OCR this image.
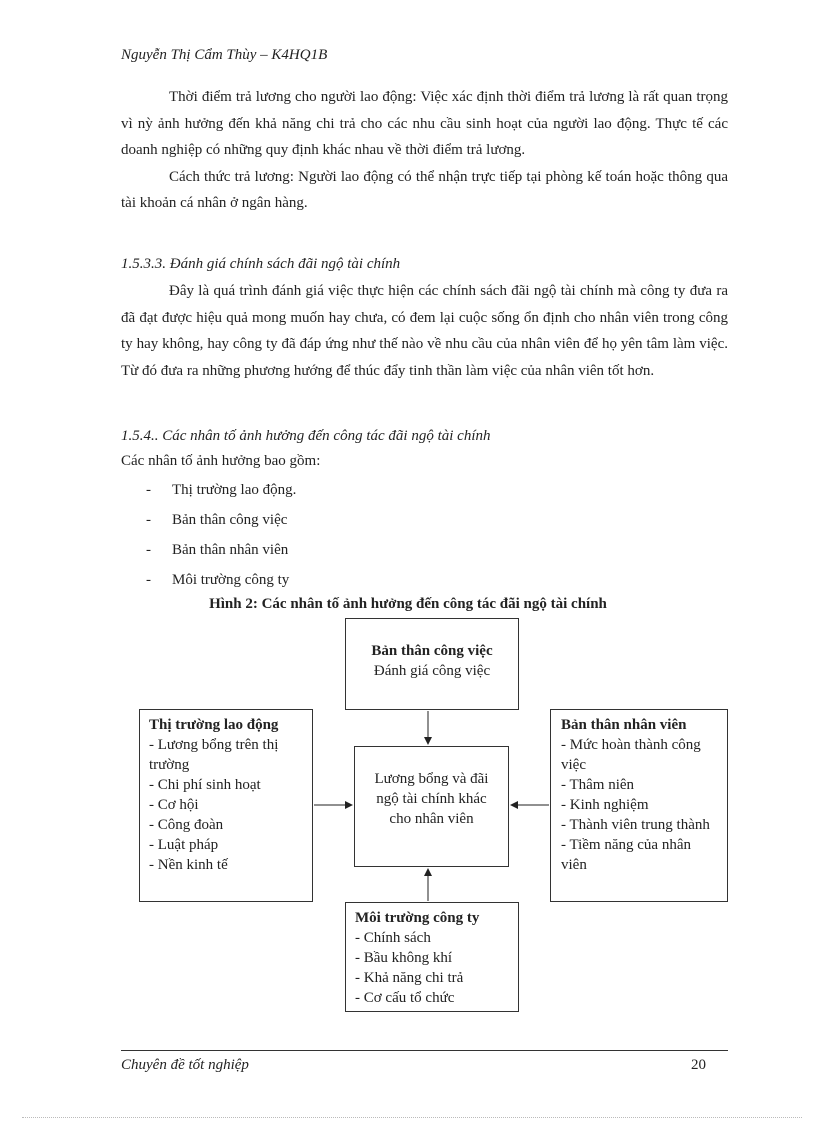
Nguyễn Thị Cẩm Thùy – K4HQ1B

Thời điểm trả lương cho người lao động: Việc xác định thời điểm trả lương là rất quan trọng vì nỳ ảnh hưởng đến khả năng chi trả cho các nhu cầu sinh hoạt của người lao động. Thực tế các doanh nghiệp có những quy định khác nhau về thời điểm trả lương.

Cách thức trả lương: Người lao động có thể nhận trực tiếp tại phòng kế toán hoặc thông qua tài khoản cá nhân ở ngân hàng.

1.5.3.3. Đánh giá chính sách đãi ngộ tài chính

Đây là quá trình đánh giá việc thực hiện các chính sách đãi ngộ tài chính mà công ty đưa ra đã đạt được hiệu quả mong muốn hay chưa, có đem lại cuộc sống ổn định cho nhân viên trong công ty hay không, hay công ty đã đáp ứng như thế nào về nhu cầu của nhân viên để họ yên tâm làm việc. Từ đó đưa ra những phương hướng để thúc đẩy tinh thần làm việc của nhân viên tốt hơn.

1.5.4.. Các nhân tố ảnh hưởng đến công tác đãi ngộ tài chính
Các nhân tố ảnh hưởng bao gồm:
-	Thị trường lao động.
-	Bản thân công việc
-	Bản thân nhân viên
-	Môi trường công ty
Hình 2: Các nhân tố ảnh hưởng đến công tác đãi ngộ tài chính
Bản thân công việc
Đánh giá công việc
Thị trường lao động
- Lương bổng trên thị trường
- Chi phí sinh hoạt
- Cơ hội
- Công đoàn
- Luật pháp
- Nền kinh tế
Lương bổng và đãi ngộ tài chính khác cho nhân viên
Bản thân nhân viên
- Mức hoàn thành công việc
- Thâm niên
- Kinh nghiệm
- Thành viên trung thành
- Tiềm năng của nhân viên
Môi trường công ty
- Chính sách
- Bầu không khí
- Khả năng chi trả
- Cơ cấu tổ chức
Chuyên đề tốt nghiệp	20
